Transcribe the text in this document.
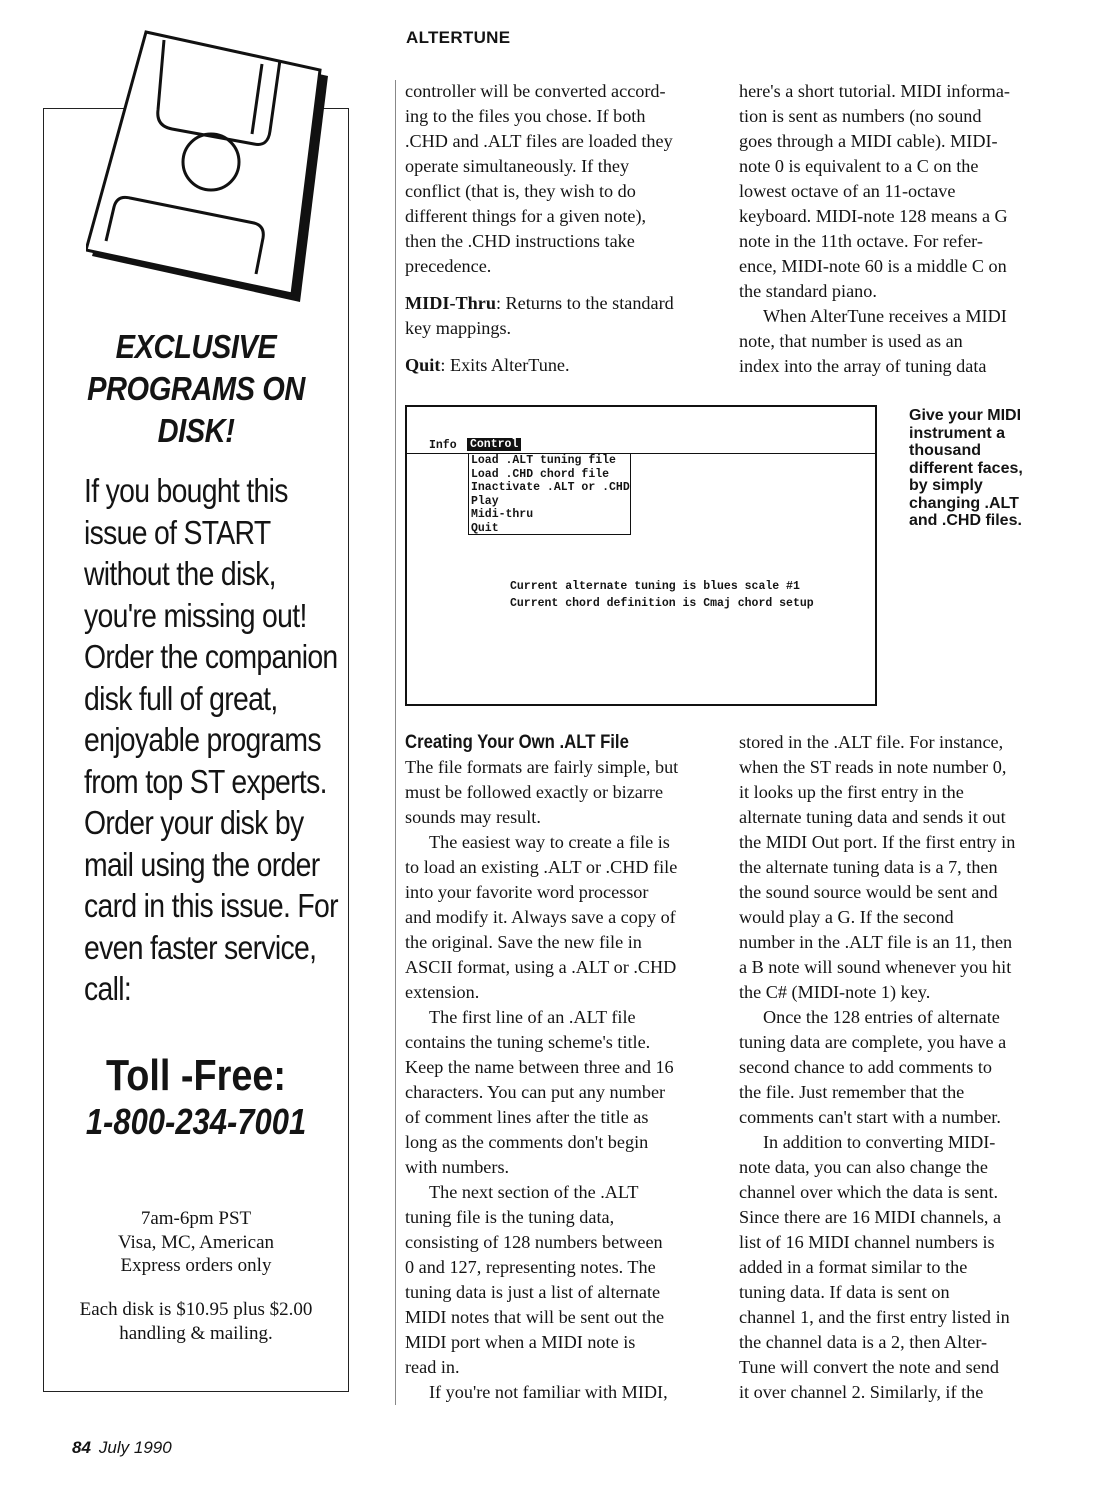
ALTERTUNE
EXCLUSIVE
PROGRAMS ON
DISK!
If you bought this
issue of START
without the disk,
you're missing out!
Order the companion
disk full of great,
enjoyable programs
from top ST experts.
Order your disk by
mail using the order
card in this issue. For
even faster service,
call:
Toll -Free:
1-800-234-7001
7am-6pm PST
Visa, MC, American
Express orders only
Each disk is $10.95 plus $2.00
handling & mailing.
controller will be converted accord-
ing to the files you chose. If both
.CHD and .ALT files are loaded they
operate simultaneously. If they
conflict (that is, they wish to do
different things for a given note),
then the .CHD instructions take
precedence.
MIDI-Thru: Returns to the standard
key mappings.
Quit: Exits AlterTune.
here's a short tutorial. MIDI informa-
tion is sent as numbers (no sound
goes through a MIDI cable). MIDI-
note 0 is equivalent to a C on the
lowest octave of an 11-octave
keyboard. MIDI-note 128 means a G
note in the 11th octave. For refer-
ence, MIDI-note 60 is a middle C on
the standard piano.
When AlterTune receives a MIDI
note, that number is used as an
index into the array of tuning data
Info Control
Load .ALT tuning file
Load .CHD chord file
Inactivate .ALT or .CHD
Play
Midi-thru
Quit
Current alternate tuning is blues scale #1
Current chord definition is Cmaj chord setup
Give your MIDI
instrument a
thousand
different faces,
by simply
changing .ALT
and .CHD files.
Creating Your Own .ALT File
The file formats are fairly simple, but
must be followed exactly or bizarre
sounds may result.
The easiest way to create a file is
to load an existing .ALT or .CHD file
into your favorite word processor
and modify it. Always save a copy of
the original. Save the new file in
ASCII format, using a .ALT or .CHD
extension.
The first line of an .ALT file
contains the tuning scheme's title.
Keep the name between three and 16
characters. You can put any number
of comment lines after the title as
long as the comments don't begin
with numbers.
The next section of the .ALT
tuning file is the tuning data,
consisting of 128 numbers between
0 and 127, representing notes. The
tuning data is just a list of alternate
MIDI notes that will be sent out the
MIDI port when a MIDI note is
read in.
If you're not familiar with MIDI,
stored in the .ALT file. For instance,
when the ST reads in note number 0,
it looks up the first entry in the
alternate tuning data and sends it out
the MIDI Out port. If the first entry in
the alternate tuning data is a 7, then
the sound source would be sent and
would play a G. If the second
number in the .ALT file is an 11, then
a B note will sound whenever you hit
the C# (MIDI-note 1) key.
Once the 128 entries of alternate
tuning data are complete, you have a
second chance to add comments to
the file. Just remember that the
comments can't start with a number.
In addition to converting MIDI-
note data, you can also change the
channel over which the data is sent.
Since there are 16 MIDI channels, a
list of 16 MIDI channel numbers is
added in a format similar to the
tuning data. If data is sent on
channel 1, and the first entry listed in
the channel data is a 2, then Alter-
Tune will convert the note and send
it over channel 2. Similarly, if the
84 July 1990
